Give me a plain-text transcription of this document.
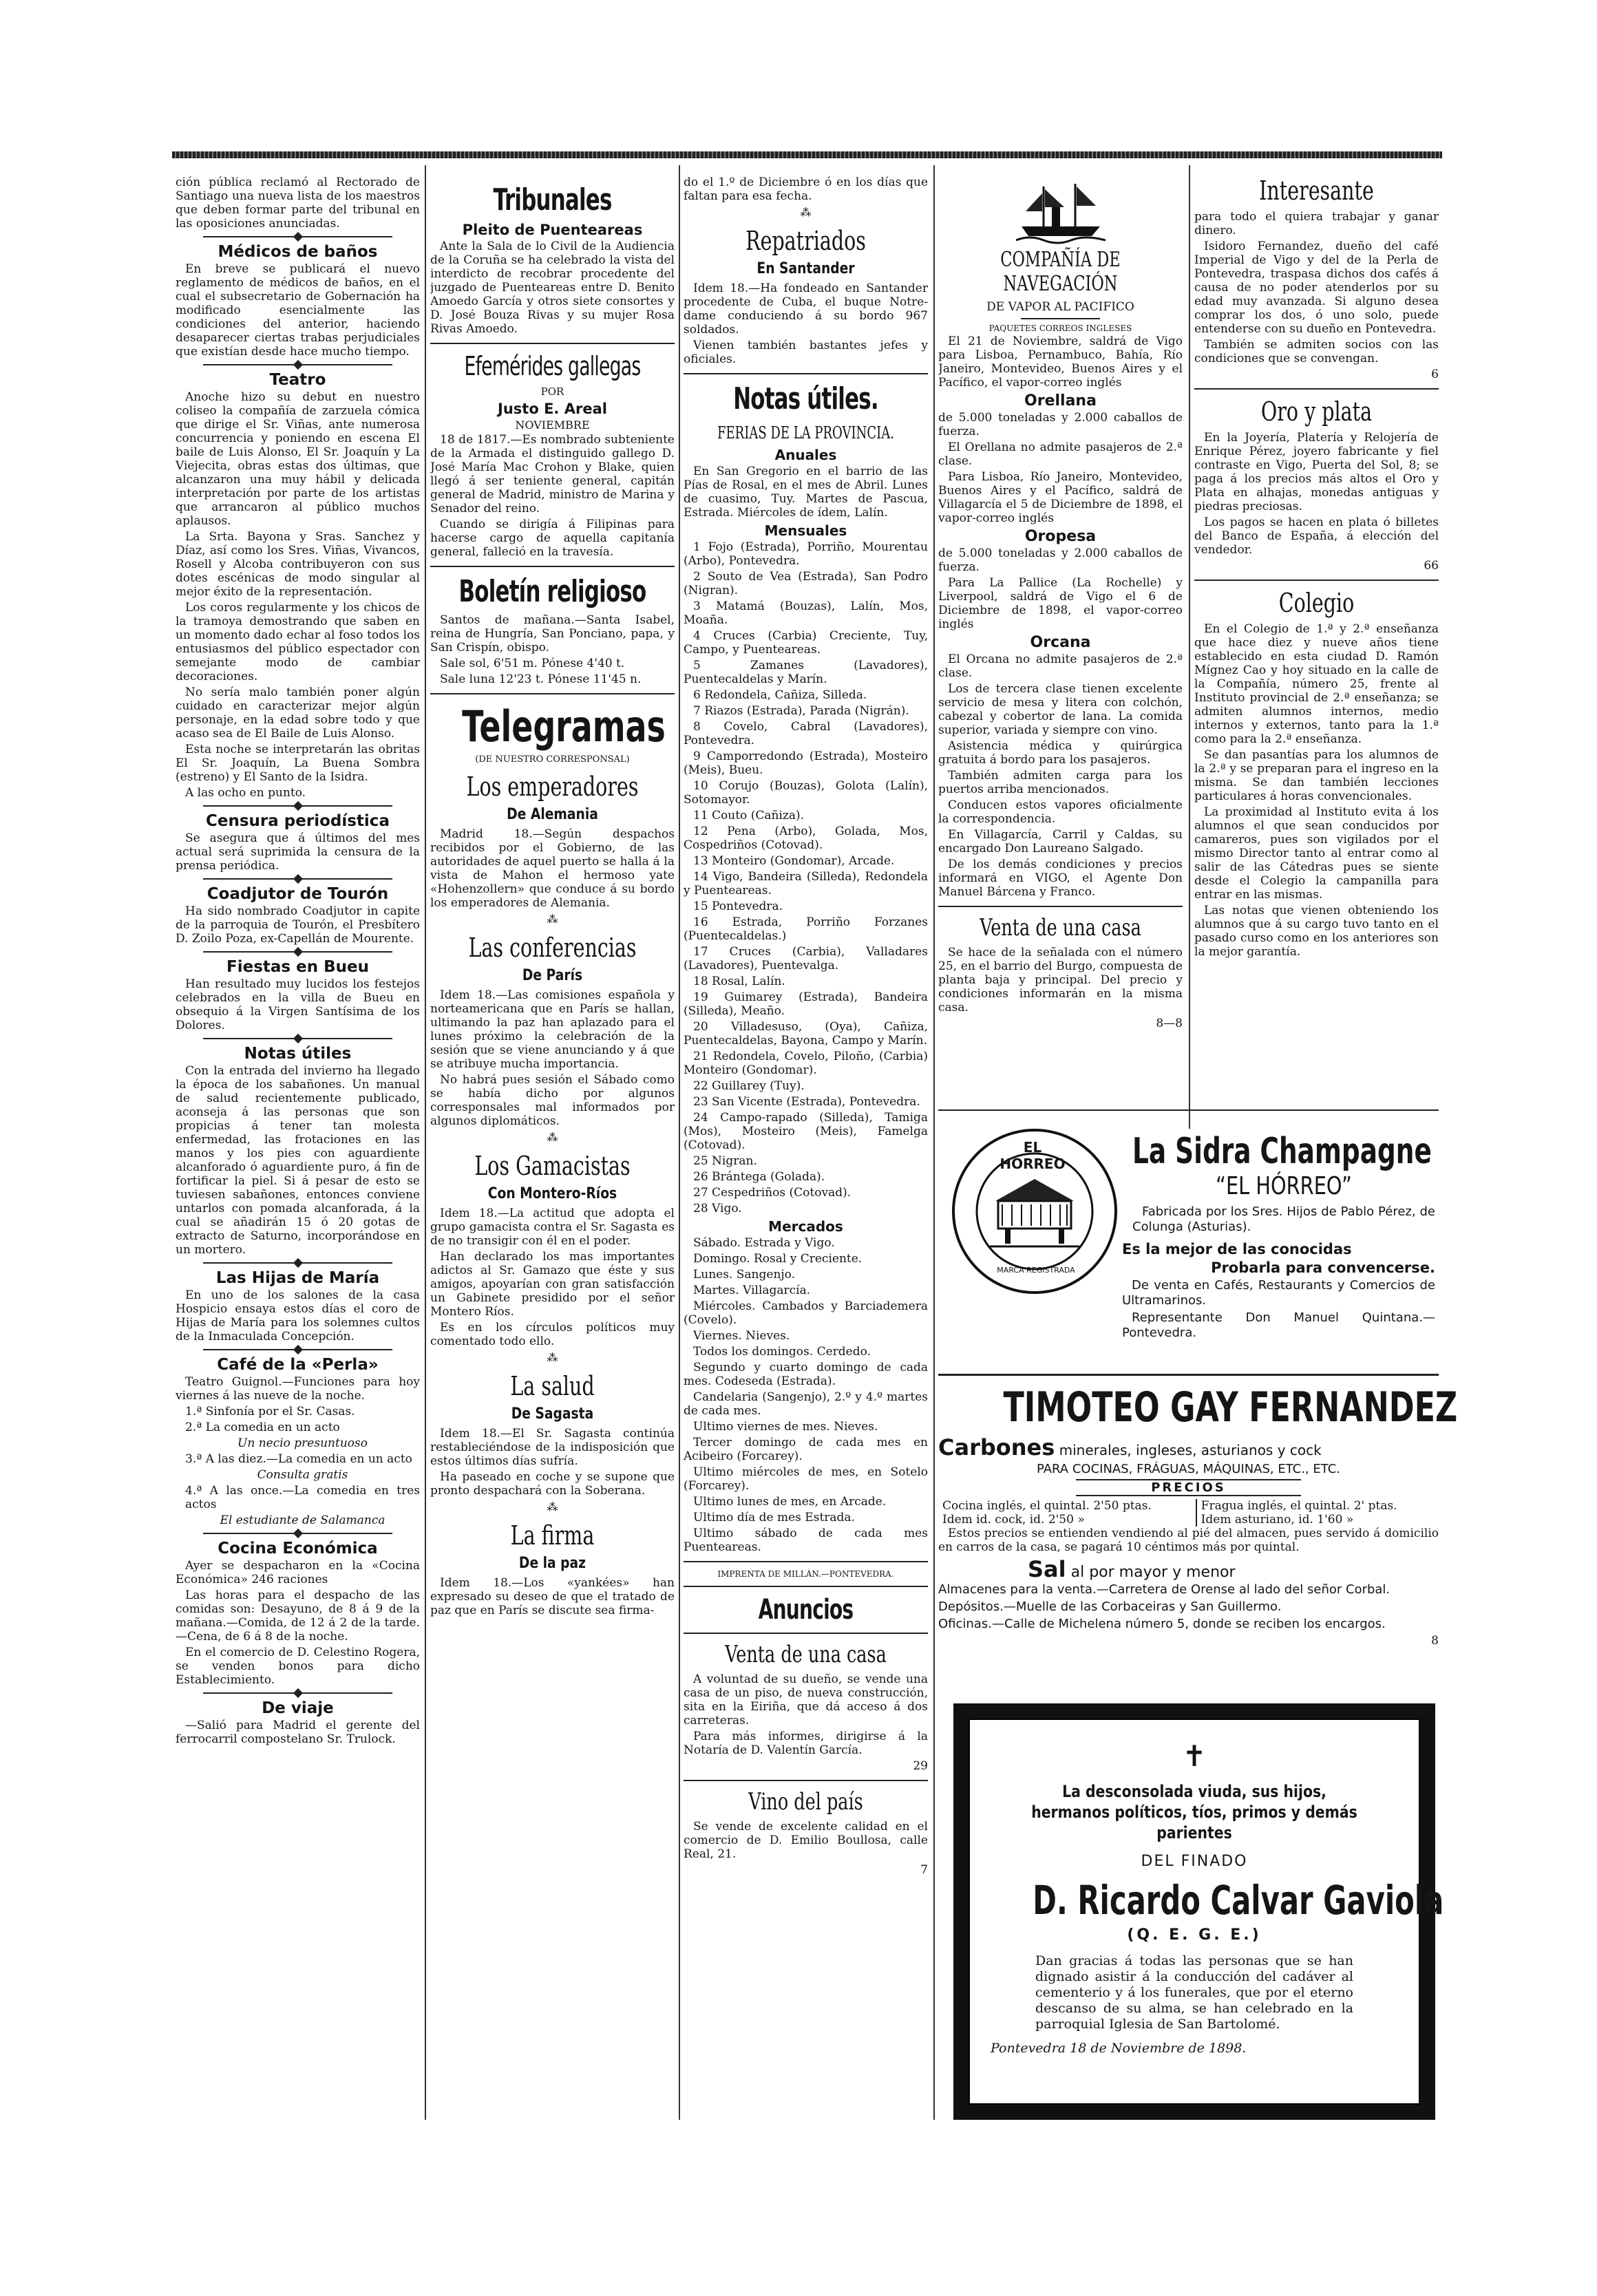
ción pública reclamó al Rectorado de Santiago una nueva lista de los maestros que deben formar parte del tribunal en las oposiciones anunciadas.

Médicos de baños

En breve se publicará el nuevo reglamento de médicos de baños, en el cual el subsecretario de Gobernación ha modificado esencialmente las condiciones del anterior, haciendo desaparecer ciertas trabas perjudiciales que existían desde hace mucho tiempo.

Teatro

Anoche hizo su debut en nuestro coliseo la compañía de zarzuela cómica que dirige el Sr. Viñas, ante numerosa concurrencia y poniendo en escena El baile de Luis Alonso, El Sr. Joaquín y La Viejecita, obras estas dos últimas, que alcanzaron una muy hábil y delicada interpretación por parte de los artistas que arrancaron al público muchos aplausos.

La Srta. Bayona y Sras. Sanchez y Díaz, así como los Sres. Viñas, Vivancos, Rosell y Alcoba contribuyeron con sus dotes escénicas de modo singular al mejor éxito de la representación.

Los coros regularmente y los chicos de la tramoya demostrando que saben en un momento dado echar al foso todos los entusiasmos del público espectador con semejante modo de cambiar decoraciones.

No sería malo también poner algún cuidado en caracterizar mejor algún personaje, en la edad sobre todo y que acaso sea de El Baile de Luis Alonso.

Esta noche se interpretarán las obritas El Sr. Joaquín, La Buena Sombra (estreno) y El Santo de la Isidra.

A las ocho en punto.

Censura periodística

Se asegura que á últimos del mes actual será suprimida la censura de la prensa periódica.

Coadjutor de Tourón

Ha sido nombrado Coadjutor in capite de la parroquia de Tourón, el Presbítero D. Zoilo Poza, ex-Capellán de Mourente.

Fiestas en Bueu

Han resultado muy lucidos los festejos celebrados en la villa de Bueu en obsequio á la Virgen Santísima de los Dolores.

Notas útiles

Con la entrada del invierno ha llegado la época de los sabañones. Un manual de salud recientemente publicado, aconseja á las personas que son propicias á tener tan molesta enfermedad, las frotaciones en las manos y los pies con aguardiente alcanforado ó aguardiente puro, á fin de fortificar la piel. Si á pesar de esto se tuviesen sabañones, entonces conviene untarlos con pomada alcanforada, á la cual se añadirán 15 ó 20 gotas de extracto de Saturno, incorporándose en un mortero.

Las Hijas de María

En uno de los salones de la casa Hospicio ensaya estos días el coro de Hijas de María para los solemnes cultos de la Inmaculada Concepción.

Café de la «Perla»

Teatro Guignol.—Funciones para hoy viernes á las nueve de la noche.

1.ª Sinfonía por el Sr. Casas.

2.ª La comedia en un acto

Un necio presuntuoso

3.ª A las diez.—La comedia en un acto

Consulta gratis

4.ª A las once.—La comedia en tres actos

El estudiante de Salamanca

Cocina Económica

Ayer se despacharon en la «Cocina Económica» 246 raciones

Las horas para el despacho de las comidas son: Desayuno, de 8 á 9 de la mañana.—Comida, de 12 á 2 de la tarde.—Cena, de 6 á 8 de la noche.

En el comercio de D. Celestino Rogera, se venden bonos para dicho Establecimiento.

De viaje

—Salió para Madrid el gerente del ferrocarril compostelano Sr. Trulock.

Tribunales
Pleito de Puenteareas

Ante la Sala de lo Civil de la Audiencia de la Coruña se ha celebrado la vista del interdicto de recobrar procedente del juzgado de Puenteareas entre D. Benito Amoedo García y otros siete consortes y D. José Bouza Rivas y su mujer Rosa Rivas Amoedo.

Efemérides gallegas
POR
Justo E. Areal
NOVIEMBRE

18 de 1817.—Es nombrado subteniente de la Armada el distinguido gallego D. José María Mac Crohon y Blake, quien llegó á ser teniente general, capitán general de Madrid, ministro de Marina y Senador del reino.

Cuando se dirigía á Filipinas para hacerse cargo de aquella capitanía general, falleció en la travesía.

Boletín religioso

Santos de mañana.—Santa Isabel, reina de Hungría, San Ponciano, papa, y San Crispín, obispo.

Sale sol, 6'51 m. Pónese 4'40 t.

Sale luna 12'23 t. Pónese 11'45 n.

Telegramas
(DE NUESTRO CORRESPONSAL)
Los emperadores
De Alemania

Madrid 18.—Según despachos recibidos por el Gobierno, de las autoridades de aquel puerto se halla á la vista de Mahon el hermoso yate «Hohenzollern» que conduce á su bordo los emperadores de Alemania.

⁂
Las conferencias
De París

Idem 18.—Las comisiones española y norteamericana que en París se hallan, ultimando la paz han aplazado para el lunes próximo la celebración de la sesión que se viene anunciando y á que se atribuye mucha importancia.

No habrá pues sesión el Sábado como se había dicho por algunos corresponsales mal informados por algunos diplomáticos.

⁂
Los Gamacistas
Con Montero-Ríos

Idem 18.—La actitud que adopta el grupo gamacista contra el Sr. Sagasta es de no transigir con él en el poder.

Han declarado los mas importantes adictos al Sr. Gamazo que éste y sus amigos, apoyarían con gran satisfacción un Gabinete presidido por el señor Montero Ríos.

Es en los círculos políticos muy comentado todo ello.

⁂
La salud
De Sagasta

Idem 18.—El Sr. Sagasta continúa restableciéndose de la indisposición que estos últimos días sufría.

Ha paseado en coche y se supone que pronto despachará con la Soberana.

⁂
La firma
De la paz

Idem 18.—Los «yankées» han expresado su deseo de que el tratado de paz que en París se discute sea firma-

do el 1.º de Diciembre ó en los días que faltan para esa fecha.

⁂
Repatriados
En Santander

Idem 18.—Ha fondeado en Santander procedente de Cuba, el buque Notre-dame conduciendo á su bordo 967 soldados.

Vienen también bastantes jefes y oficiales.

Notas útiles.
FERIAS DE LA PROVINCIA.
Anuales

En San Gregorio en el barrio de las Pías de Rosal, en el mes de Abril. Lunes de cuasimo, Tuy. Martes de Pascua, Estrada. Miércoles de ídem, Lalín.

Mensuales

1 Fojo (Estrada), Porriño, Mourentau (Arbo), Pontevedra.

2 Souto de Vea (Estrada), San Podro (Nigran).

3 Matamá (Bouzas), Lalín, Mos, Moaña.

4 Cruces (Carbia) Creciente, Tuy, Campo, y Puenteareas.

5 Zamanes (Lavadores), Puentecaldelas y Marín.

6 Redondela, Cañiza, Silleda.

7 Riazos (Estrada), Parada (Nigrán).

8 Covelo, Cabral (Lavadores), Pontevedra.

9 Camporredondo (Estrada), Mosteiro (Meis), Bueu.

10 Corujo (Bouzas), Golota (Lalín), Sotomayor.

11 Couto (Cañiza).

12 Pena (Arbo), Golada, Mos, Cospedriños (Cotovad).

13 Monteiro (Gondomar), Arcade.

14 Vigo, Bandeira (Silleda), Redondela y Puenteareas.

15 Pontevedra.

16 Estrada, Porriño Forzanes (Puentecaldelas.)

17 Cruces (Carbia), Valladares (Lavadores), Puentevalga.

18 Rosal, Lalín.

19 Guimarey (Estrada), Bandeira (Silleda), Meaño.

20 Villadesuso, (Oya), Cañiza, Puentecaldelas, Bayona, Campo y Marín.

21 Redondela, Covelo, Piloño, (Carbia) Monteiro (Gondomar).

22 Guillarey (Tuy).

23 San Vicente (Estrada), Pontevedra.

24 Campo-rapado (Silleda), Tamiga (Mos), Mosteiro (Meis), Famelga (Cotovad).

25 Nigran.

26 Brántega (Golada).

27 Cespedriños (Cotovad).

28 Vigo.

Mercados

Sábado. Estrada y Vigo.

Domingo. Rosal y Creciente.

Lunes. Sangenjo.

Martes. Villagarcía.

Miércoles. Cambados y Barciademera (Covelo).

Viernes. Nieves.

Todos los domingos. Cerdedo.

Segundo y cuarto domingo de cada mes. Codeseda (Estrada).

Candelaria (Sangenjo), 2.º y 4.º martes de cada mes.

Ultimo viernes de mes. Nieves.

Tercer domingo de cada mes en Acibeiro (Forcarey).

Ultimo miércoles de mes, en Sotelo (Forcarey).

Ultimo lunes de mes, en Arcade.

Ultimo día de mes Estrada.

Ultimo sábado de cada mes Puenteareas.

IMPRENTA DE MILLÁN.—PONTEVEDRA.
Anuncios
Venta de una casa

A voluntad de su dueño, se vende una casa de un piso, de nueva construcción, sita en la Eiriña, que dá acceso á dos carreteras.

Para más informes, dirigirse á la Notaría de D. Valentín García.

29

Vino del país

Se vende de excelente calidad en el comercio de D. Emilio Boullosa, calle Real, 21.

7

COMPAÑÍA DE NAVEGACIÓN
DE VAPOR AL PACIFICO
PAQUETES CORREOS INGLESES

El 21 de Noviembre, saldrá de Vigo para Lisboa, Pernambuco, Bahía, Río Janeiro, Montevideo, Buenos Aires y el Pacífico, el vapor-correo inglés

Orellana

de 5.000 toneladas y 2.000 caballos de fuerza.

El Orellana no admite pasajeros de 2.ª clase.

Para Lisboa, Río Janeiro, Montevideo, Buenos Aires y el Pacífico, saldrá de Villagarcía el 5 de Diciembre de 1898, el vapor-correo inglés

Oropesa

de 5.000 toneladas y 2.000 caballos de fuerza.

Para La Pallice (La Rochelle) y Liverpool, saldrá de Vigo el 6 de Diciembre de 1898, el vapor-correo inglés

Orcana

El Orcana no admite pasajeros de 2.ª clase.

Los de tercera clase tienen excelente servicio de mesa y litera con colchón, cabezal y cobertor de lana. La comida superior, variada y siempre con vino.

Asistencia médica y quirúrgica gratuita á bordo para los pasajeros.

También admiten carga para los puertos arriba mencionados.

Conducen estos vapores oficialmente la correspondencia.

En Villagarcía, Carril y Caldas, su encargado Don Laureano Salgado.

De los demás condiciones y precios informará en VIGO, el Agente Don Manuel Bárcena y Franco.

Venta de una casa

Se hace de la señalada con el número 25, en el barrio del Burgo, compuesta de planta baja y principal. Del precio y condiciones informarán en la misma casa.

8—8

Interesante

para todo el quiera trabajar y ganar dinero.

Isidoro Fernandez, dueño del café Imperial de Vigo y del de la Perla de Pontevedra, traspasa dichos dos cafés á causa de no poder atenderlos por su edad muy avanzada. Si alguno desea comprar los dos, ó uno solo, puede entenderse con su dueño en Pontevedra.

También se admiten socios con las condiciones que se convengan.

6

Oro y plata

En la Joyería, Platería y Relojería de Enrique Pérez, joyero fabricante y fiel contraste en Vigo, Puerta del Sol, 8; se paga á los precios más altos el Oro y Plata en alhajas, monedas antiguas y piedras preciosas.

Los pagos se hacen en plata ó billetes del Banco de España, á elección del vendedor.

66

Colegio

En el Colegio de 1.ª y 2.ª enseñanza que hace diez y nueve años tiene establecido en esta ciudad D. Ramón Mígnez Cao y hoy situado en la calle de la Compañía, número 25, frente al Instituto provincial de 2.ª enseñanza; se admiten alumnos internos, medio internos y externos, tanto para la 1.ª como para la 2.ª enseñanza.

Se dan pasantías para los alumnos de la 2.ª y se preparan para el ingreso en la misma. Se dan también lecciones particulares á horas convencionales.

La proximidad al Instituto evita á los alumnos el que sean conducidos por camareros, pues son vigilados por el mismo Director tanto al entrar como al salir de las Cátedras pues se siente desde el Colegio la campanilla para entrar en las mismas.

Las notas que vienen obteniendo los alumnos que á su cargo tuvo tanto en el pasado curso como en los anteriores son la mejor garantía.

EL HÓRREO
MARCA REGISTRADA
La Sidra Champagne
“EL HÓRREO”

Fabricada por los Sres. Hijos de Pablo Pérez, de Colunga (Asturias).

Es la mejor de las conocidas

Probarla para convencerse.

De venta en Cafés, Restaurants y Comercios de Ultramarinos.

Representante Don Manuel Quintana.—Pontevedra.

TIMOTEO GAY FERNANDEZ
Carbones minerales, ingleses, asturianos y cock
PARA COCINAS, FRÁGUAS, MÁQUINAS, ETC., ETC.
PRECIOS
Cocina inglés, el quintal. 2'50 ptas.	Fragua inglés, el quintal. 2' ptas.
Idem id. cock, id. 2'50 »	Idem asturiano, id. 1'60 »

Estos precios se entienden vendiendo al pié del almacen, pues servido á domicilio en carros de la casa, se pagará 10 céntimos más por quintal.

Sal al por mayor y menor

Almacenes para la venta.—Carretera de Orense al lado del señor Corbal.

Depósitos.—Muelle de las Corbaceiras y San Guillermo.

Oficinas.—Calle de Michelena número 5, donde se reciben los encargos.

8

✝
La desconsolada viuda, sus hijos, hermanos políticos, tíos, primos y demás parientes
DEL FINADO
D. Ricardo Calvar Gaviola
(Q. E. G. E.)
Dan gracias á todas las personas que se han dignado asistir á la conducción del cadáver al cementerio y á los funerales, que por el eterno descanso de su alma, se han celebrado en la parroquial Iglesia de San Bartolomé.
Pontevedra 18 de Noviembre de 1898.
